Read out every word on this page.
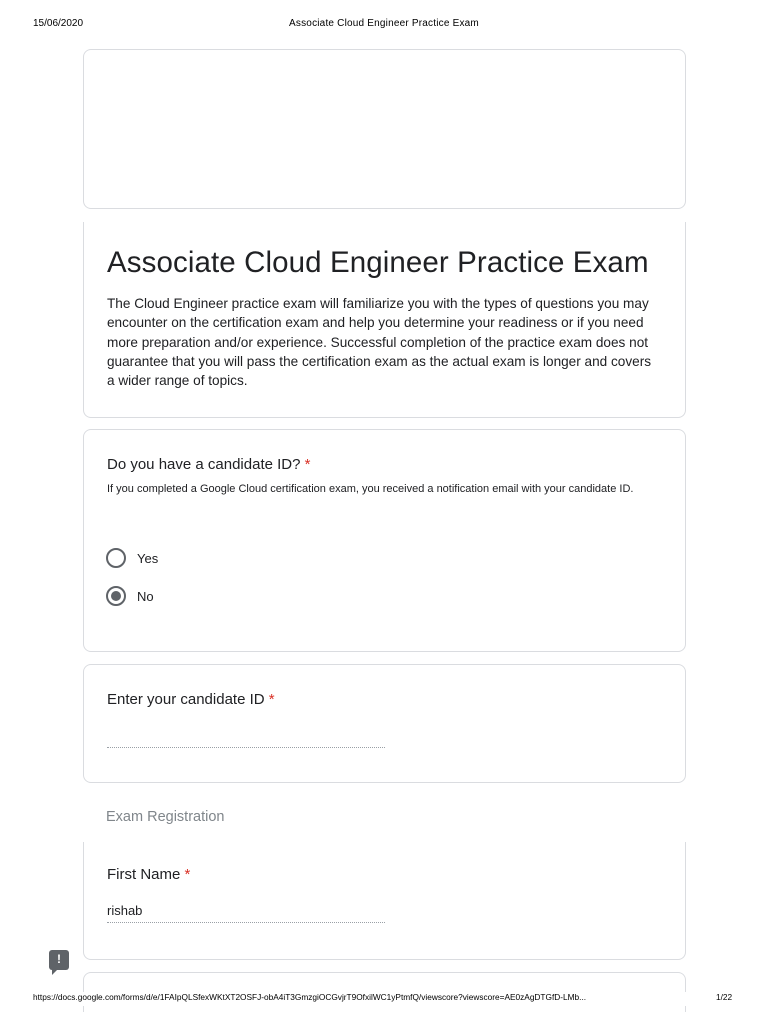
15/06/2020	Associate Cloud Engineer Practice Exam
Associate Cloud Engineer Practice Exam
The Cloud Engineer practice exam will familiarize you with the types of questions you may encounter on the certification exam and help you determine your readiness or if you need more preparation and/or experience. Successful completion of the practice exam does not guarantee that you will pass the certification exam as the actual exam is longer and covers a wider range of topics.
Do you have a candidate ID? *
If you completed a Google Cloud certification exam, you received a notification email with your candidate ID.
Yes
No
Enter your candidate ID *
Exam Registration
First Name *
rishab
!
https://docs.google.com/forms/d/e/1FAIpQLSfexWKtXT2OSFJ-obA4iT3GmzgiOCGvjrT9OfxilWC1yPtmfQ/viewscore?viewscore=AE0zAgDTGfD-LMb...	1/22
